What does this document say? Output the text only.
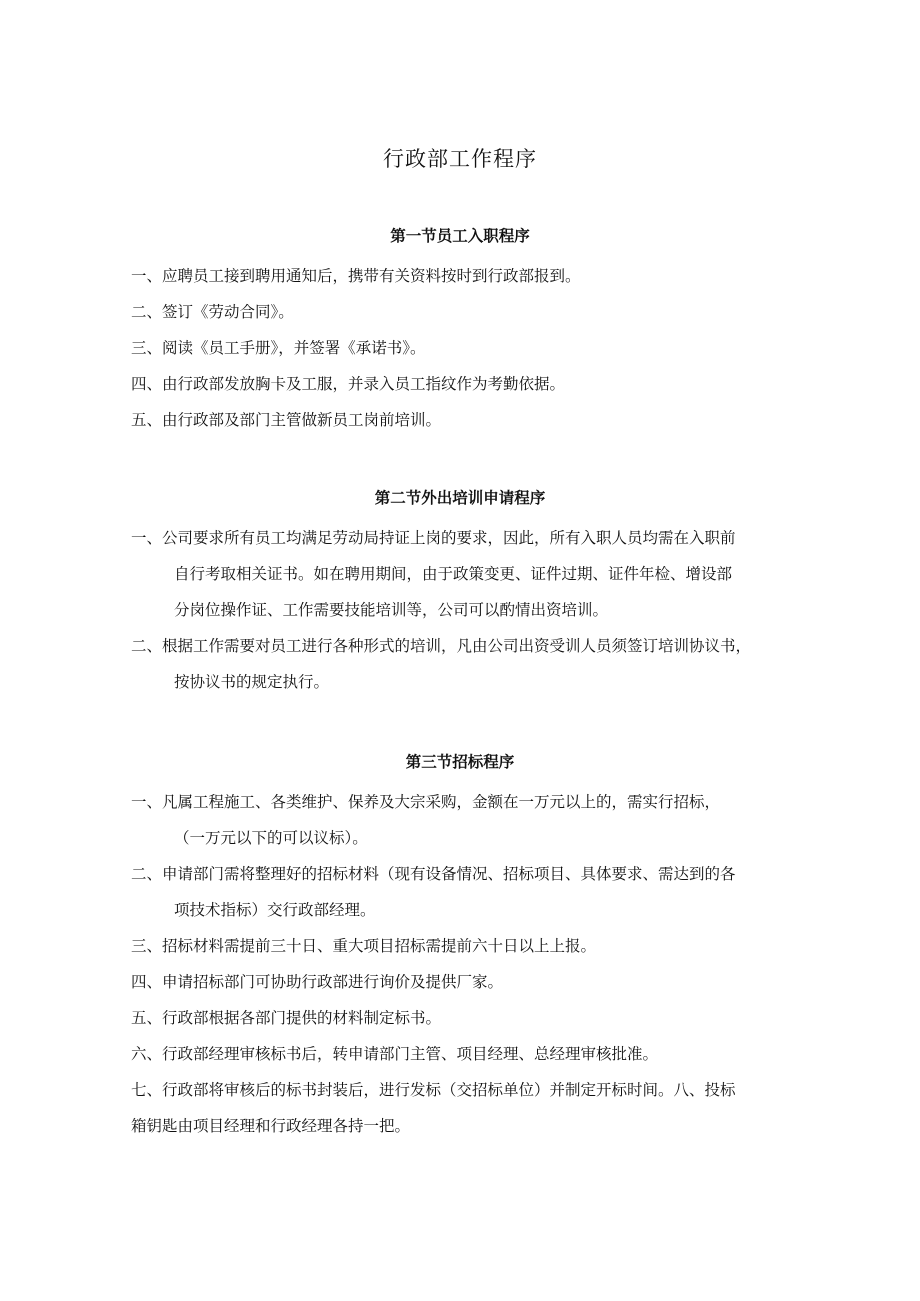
行政部工作程序
第一节员工入职程序
一、应聘员工接到聘用通知后，携带有关资料按时到行政部报到。
二、签订《劳动合同》。
三、阅读《员工手册》，并签署《承诺书》。
四、由行政部发放胸卡及工服，并录入员工指纹作为考勤依据。
五、由行政部及部门主管做新员工岗前培训。
第二节外出培训申请程序
一、公司要求所有员工均满足劳动局持证上岗的要求，因此，所有入职人员均需在入职前
自行考取相关证书。如在聘用期间，由于政策变更、证件过期、证件年检、增设部
分岗位操作证、工作需要技能培训等，公司可以酌情出资培训。
二、根据工作需要对员工进行各种形式的培训，凡由公司出资受训人员须签订培训协议书，
按协议书的规定执行。
第三节招标程序
一、凡属工程施工、各类维护、保养及大宗采购，金额在一万元以上的，需实行招标，
（一万元以下的可以议标）。
二、申请部门需将整理好的招标材料（现有设备情况、招标项目、具体要求、需达到的各
项技术指标）交行政部经理。
三、招标材料需提前三十日、重大项目招标需提前六十日以上上报。
四、申请招标部门可协助行政部进行询价及提供厂家。
五、行政部根据各部门提供的材料制定标书。
六、行政部经理审核标书后，转申请部门主管、项目经理、总经理审核批准。
七、行政部将审核后的标书封装后，进行发标（交招标单位）并制定开标时间。八、投标
箱钥匙由项目经理和行政经理各持一把。
